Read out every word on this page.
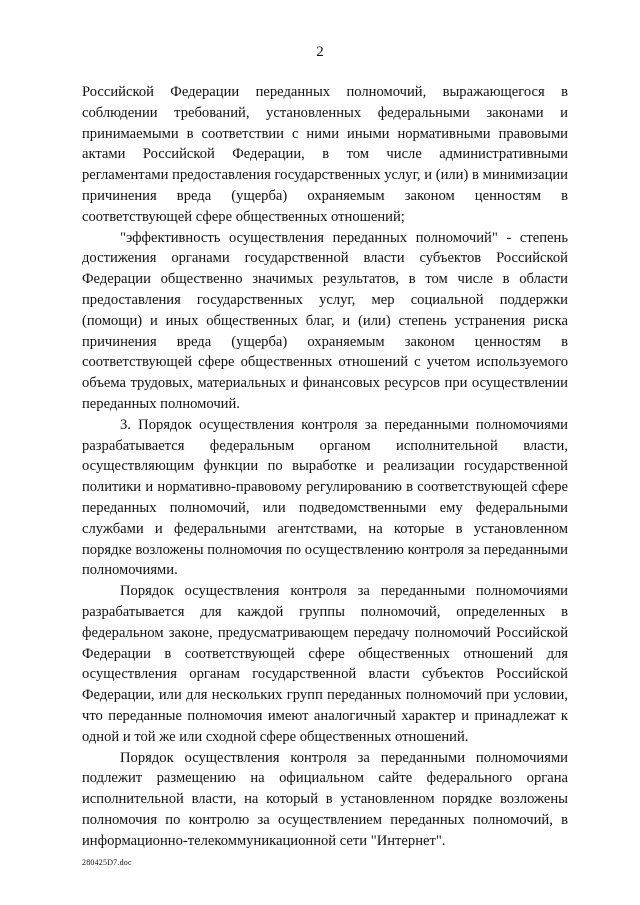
2

Российской Федерации переданных полномочий, выражающегося в соблюдении требований, установленных федеральными законами и принимаемыми в соответствии с ними иными нормативными правовыми актами Российской Федерации, в том числе административными регламентами предоставления государственных услуг, и (или) в минимизации причинения вреда (ущерба) охраняемым законом ценностям в соответствующей сфере общественных отношений;

"эффективность осуществления переданных полномочий" - степень достижения органами государственной власти субъектов Российской Федерации общественно значимых результатов, в том числе в области предоставления государственных услуг, мер социальной поддержки (помощи) и иных общественных благ, и (или) степень устранения риска причинения вреда (ущерба) охраняемым законом ценностям в соответствующей сфере общественных отношений с учетом используемого объема трудовых, материальных и финансовых ресурсов при осуществлении переданных полномочий.

3. Порядок осуществления контроля за переданными полномочиями разрабатывается федеральным органом исполнительной власти, осуществляющим функции по выработке и реализации государственной политики и нормативно-правовому регулированию в соответствующей сфере переданных полномочий, или подведомственными ему федеральными службами и федеральными агентствами, на которые в установленном порядке возложены полномочия по осуществлению контроля за переданными полномочиями.

Порядок осуществления контроля за переданными полномочиями разрабатывается для каждой группы полномочий, определенных в федеральном законе, предусматривающем передачу полномочий Российской Федерации в соответствующей сфере общественных отношений для осуществления органам государственной власти субъектов Российской Федерации, или для нескольких групп переданных полномочий при условии, что переданные полномочия имеют аналогичный характер и принадлежат к одной и той же или сходной сфере общественных отношений.

Порядок осуществления контроля за переданными полномочиями подлежит размещению на официальном сайте федерального органа исполнительной власти, на который в установленном порядке возложены полномочия по контролю за осуществлением переданных полномочий, в информационно-телекоммуникационной сети "Интернет".

280425D7.doc
